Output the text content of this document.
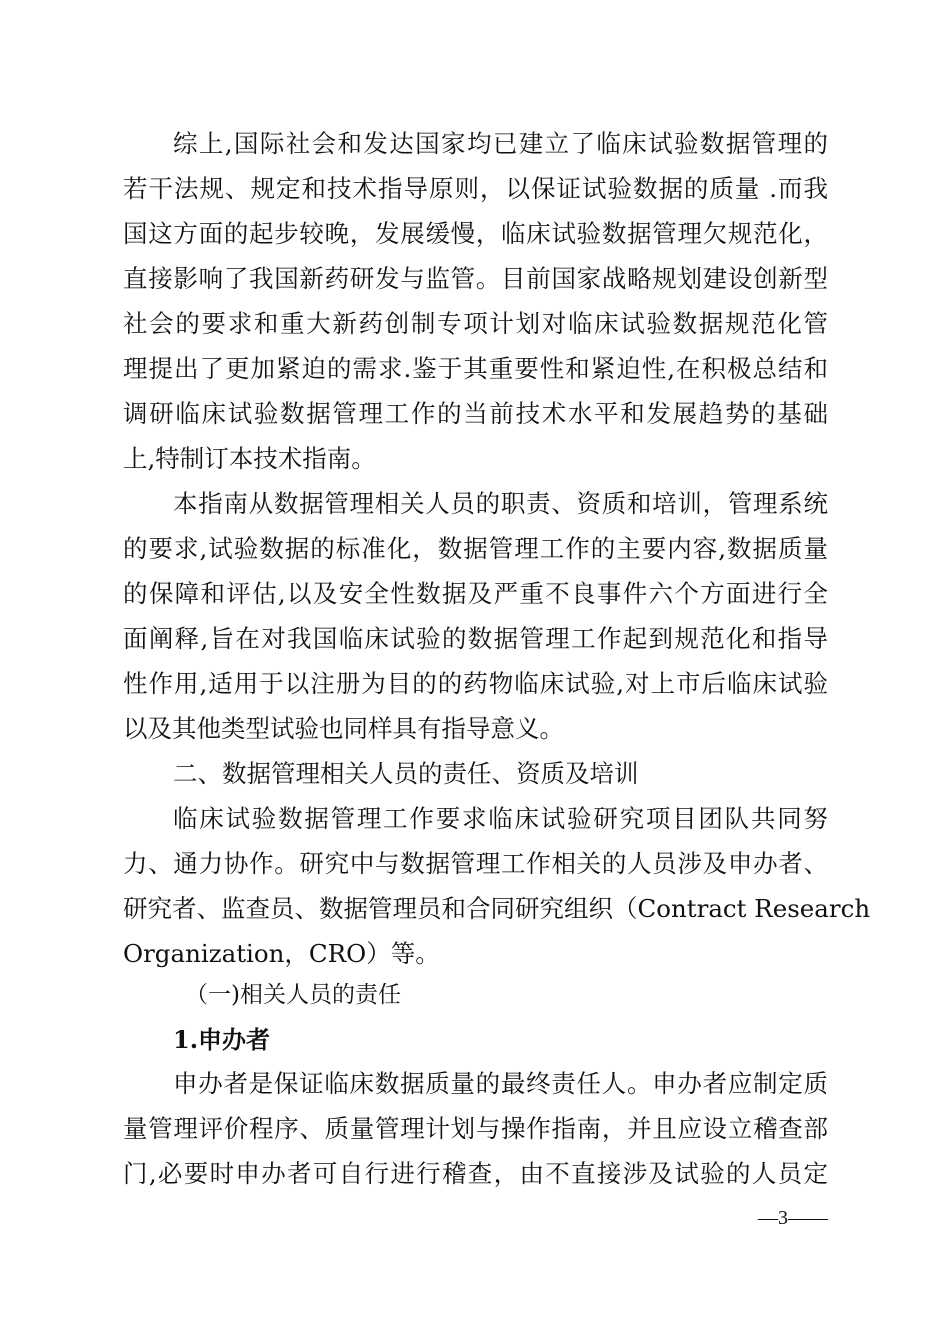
综上,国际社会和发达国家均已建立了临床试验数据管理的
若干法规、规定和技术指导原则，以保证试验数据的质量 .而我
国这方面的起步较晚，发展缓慢，临床试验数据管理欠规范化，
直接影响了我国新药研发与监管。目前国家战略规划建设创新型
社会的要求和重大新药创制专项计划对临床试验数据规范化管
理提出了更加紧迫的需求.鉴于其重要性和紧迫性,在积极总结和
调研临床试验数据管理工作的当前技术水平和发展趋势的基础
上,特制订本技术指南。
本指南从数据管理相关人员的职责、资质和培训，管理系统
的要求,试验数据的标准化，数据管理工作的主要内容,数据质量
的保障和评估,以及安全性数据及严重不良事件六个方面进行全
面阐释,旨在对我国临床试验的数据管理工作起到规范化和指导
性作用,适用于以注册为目的的药物临床试验,对上市后临床试验
以及其他类型试验也同样具有指导意义。
二、数据管理相关人员的责任、资质及培训
临床试验数据管理工作要求临床试验研究项目团队共同努
力、通力协作。研究中与数据管理工作相关的人员涉及申办者、
研究者、监查员、数据管理员和合同研究组织（Contract Research
Organization，CRO）等。
（一)相关人员的责任
1.申办者
申办者是保证临床数据质量的最终责任人。申办者应制定质
量管理评价程序、质量管理计划与操作指南，并且应设立稽查部
门,必要时申办者可自行进行稽查，由不直接涉及试验的人员定
—3——
